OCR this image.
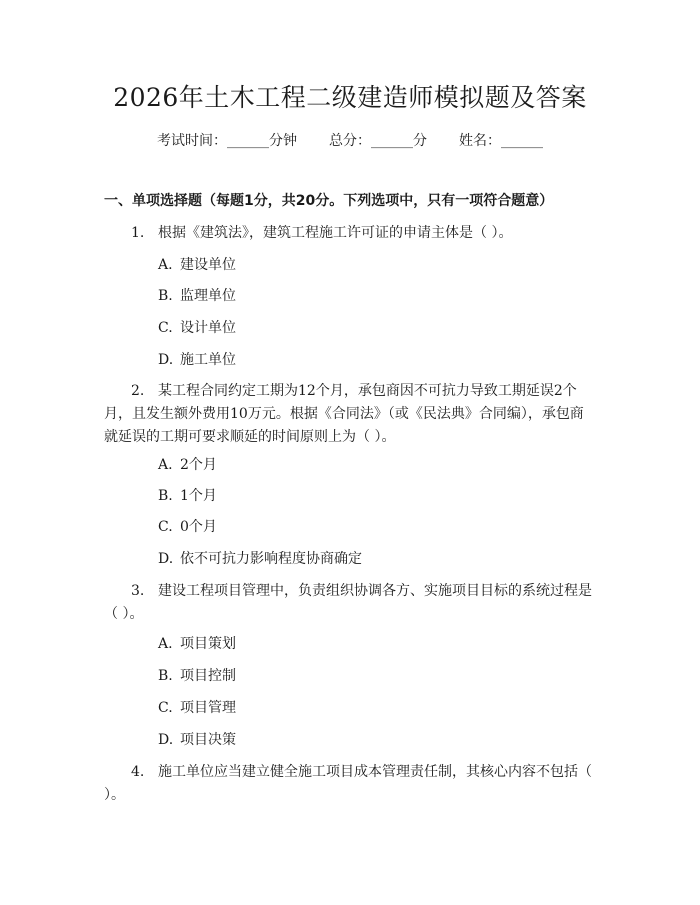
2026年土木工程二级建造师模拟题及答案
考试时间：______分钟 总分：______分 姓名：______
一、单项选择题（每题1分，共20分。下列选项中，只有一项符合题意）
1. 根据《建筑法》，建筑工程施工许可证的申请主体是（ ）。
A. 建设单位
B. 监理单位
C. 设计单位
D. 施工单位
2. 某工程合同约定工期为12个月，承包商因不可抗力导致工期延误2个月，且发生额外费用10万元。根据《合同法》（或《民法典》合同编），承包商就延误的工期可要求顺延的时间原则上为（ ）。
A. 2个月
B. 1个月
C. 0个月
D. 依不可抗力影响程度协商确定
3. 建设工程项目管理中，负责组织协调各方、实施项目目标的系统过程是（ ）。
A. 项目策划
B. 项目控制
C. 项目管理
D. 项目决策
4. 施工单位应当建立健全施工项目成本管理责任制，其核心内容不包括（ ）。
